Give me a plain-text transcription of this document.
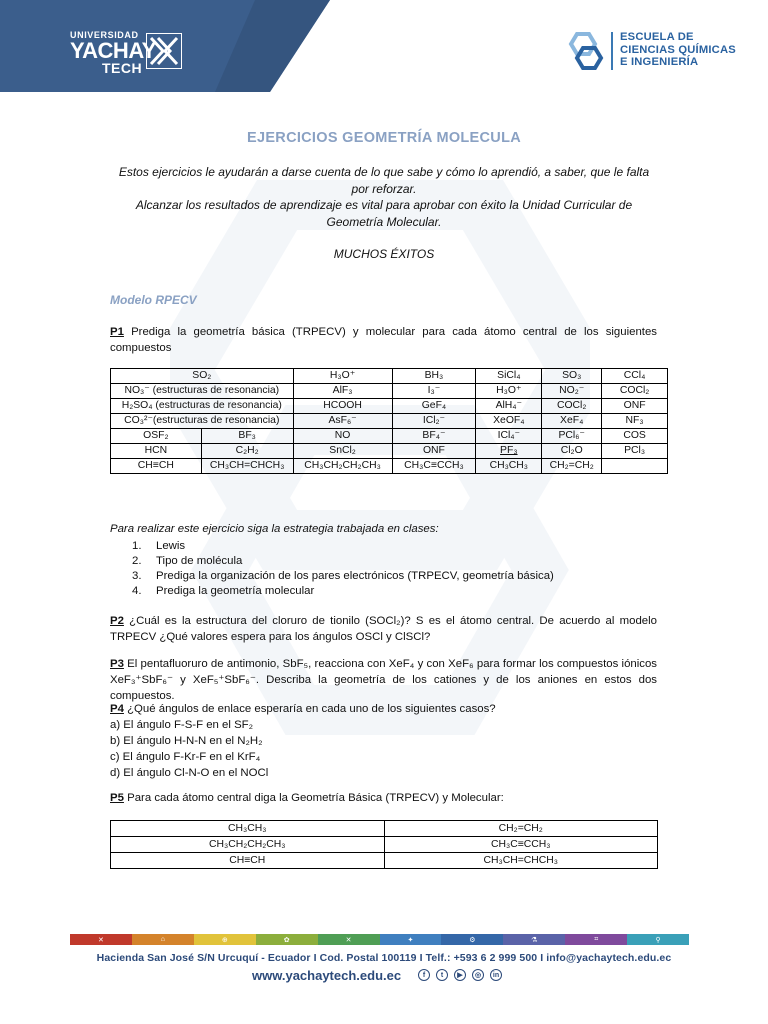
UNIVERSIDAD
YACHAY
TECH
ESCUELA DE
CIENCIAS QUÍMICAS
E INGENIERÍA
EJERCICIOS GEOMETRÍA MOLECULA
Estos ejercicios le ayudarán a darse cuenta de lo que sabe y cómo lo aprendió, a saber, que le falta por reforzar.
Alcanzar los resultados de aprendizaje es vital para aprobar con éxito la Unidad Curricular de Geometría Molecular.
MUCHOS ÉXITOS
Modelo RPECV
P1 Prediga la geometría básica (TRPECV) y molecular para cada átomo central de los siguientes compuestos
SO₂		H₃O⁺	BH₃	SiCl₄	SO₃	CCl₄
NO₃⁻ (estructuras de resonancia)		AlF₃	I₃⁻	H₃O⁺	NO₂⁻	COCl₂
H₂SO₄ (estructuras de resonancia)		HCOOH	GeF₄	AlH₄⁻	COCl₂	ONF
CO₃²⁻(estructuras de resonancia)		AsF₆⁻	ICl₂⁻	XeOF₄	XeF₄	NF₃
OSF₂	BF₃	NO	BF₄⁻	ICl₄⁻	PCl₆⁻	COS
HCN	C₂H₂	SnCl₂	ONF	PF₃	Cl₂O	PCl₃
CH≡CH	CH₃CH=CHCH₃	CH₃CH₂CH₂CH₃	CH₃C≡CCH₃	CH₃CH₃	CH₂=CH₂	
Para realizar este ejercicio siga la estrategia trabajada en clases:
1. Lewis
2. Tipo de molécula
3. Prediga la organización de los pares electrónicos (TRPECV, geometría básica)
4. Prediga la geometría molecular
P2 ¿Cuál es la estructura del cloruro de tionilo (SOCl₂)? S es el átomo central. De acuerdo al modelo TRPECV ¿Qué valores espera para los ángulos OSCl y ClSCl?
P3 El pentafluoruro de antimonio, SbF₅, reacciona con XeF₄ y con XeF₆ para formar los compuestos iónicos XeF₃⁺SbF₆⁻ y XeF₅⁺SbF₆⁻. Describa la geometría de los cationes y de los aniones en estos dos compuestos.
P4 ¿Qué ángulos de enlace esperaría en cada uno de los siguientes casos?
a) El ángulo F-S-F en el SF₂
b) El ángulo H-N-N en el N₂H₂
c) El ángulo F-Kr-F en el KrF₄
d) El ángulo Cl-N-O en el NOCl
P5 Para cada átomo central diga la Geometría Básica (TRPECV) y Molecular:
CH₃CH₃	CH₂=CH₂
CH₃CH₂CH₂CH₃	CH₃C≡CCH₃
CH≡CH	CH₃CH=CHCH₃
✕	⌂	⊕	✿	✕	✦	⚙	⚗	⌗	⚲
Hacienda San José S/N Urcuquí - Ecuador I Cod. Postal 100119 I Telf.: +593 6 2 999 500 I info@yachaytech.edu.ec
www.yachaytech.edu.ec	f	t	▶	◎	in
